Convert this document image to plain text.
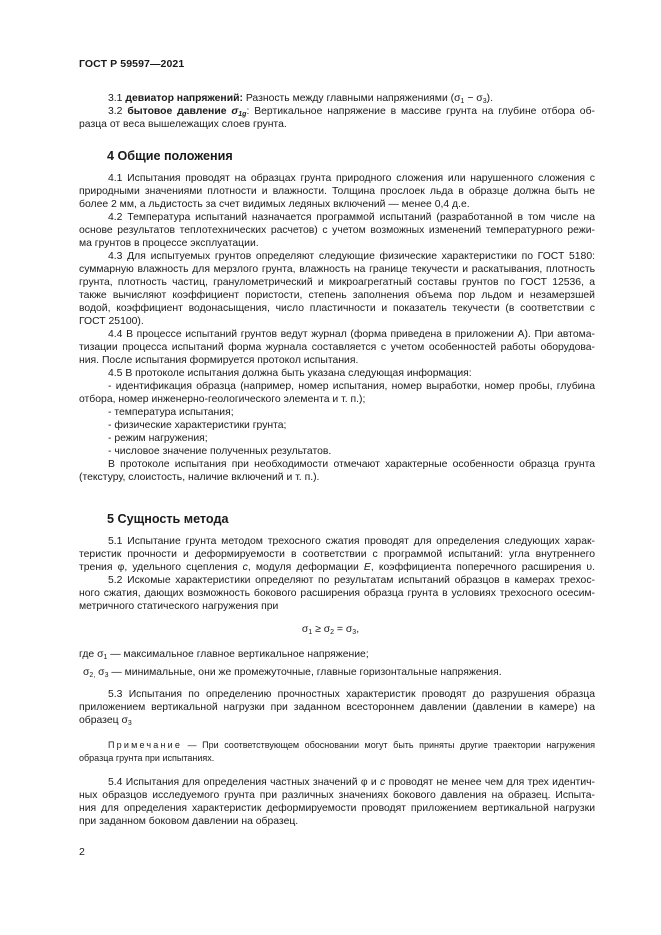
ГОСТ Р 59597—2021

3.1 девиатор напряжений: Разность между главными напряжениями $(\sigma_1 - \sigma_3)$.

3.2 бытовое давление $\sigma_{1g}$: Вертикальное напряжение в массиве грунта на глубине отбора об-

разца от веса вышележащих слоев грунта.

4 Общие положения

4.1 Испытания проводят на образцах грунта природного сложения или нарушенного сложения с

природными значениями плотности и влажности. Толщина прослоек льда в образце должна быть не

более 2 мм, а льдистость за счет видимых ледяных включений — менее 0,4 д.е.

4.2 Температура испытаний назначается программой испытаний (разработанной в том числе на

основе результатов теплотехнических расчетов) с учетом возможных изменений температурного режи-

ма грунтов в процессе эксплуатации.

4.3 Для испытуемых грунтов определяют следующие физические характеристики по ГОСТ 5180:

суммарную влажность для мерзлого грунта, влажность на границе текучести и раскатывания, плотность

грунта, плотность частиц, гранулометрический и микроагрегатный составы грунтов по ГОСТ 12536, а

также вычисляют коэффициент пористости, степень заполнения объема пор льдом и незамерзшей

водой, коэффициент водонасыщения, число пластичности и показатель текучести (в соответствии с

ГОСТ 25100).

4.4 В процессе испытаний грунтов ведут журнал (форма приведена в приложении А). При автома-

тизации процесса испытаний форма журнала составляется с учетом особенностей работы оборудова-

ния. После испытания формируется протокол испытания.

4.5 В протоколе испытания должна быть указана следующая информация:

- идентификация образца (например, номер испытания, номер выработки, номер пробы, глубина

отбора, номер инженерно-геологического элемента и т. п.);

- температура испытания;

- физические характеристики грунта;

- режим нагружения;

- числовое значение полученных результатов.

В протоколе испытания при необходимости отмечают характерные особенности образца грунта

(текстуру, слоистость, наличие включений и т. п.).

5 Сущность метода

5.1 Испытание грунта методом трехосного сжатия проводят для определения следующих харак-

теристик прочности и деформируемости в соответствии с программой испытаний: угла внутреннего

трения φ, удельного сцепления c, модуля деформации E, коэффициента поперечного расширения υ.

5.2 Искомые характеристики определяют по результатам испытаний образцов в камерах трехос-

ного сжатия, дающих возможность бокового расширения образца грунта в условиях трехосного осесим-

метричного статического нагружения при

$\sigma_1 \ge \sigma_2 = \sigma_3$,

где $\sigma_1$ — максимальное главное вертикальное напряжение;

$\sigma_{2,}$ $\sigma_3$ — минимальные, они же промежуточные, главные горизонтальные напряжения.

5.3 Испытания по определению прочностных характеристик проводят до разрушения образца

приложением вертикальной нагрузки при заданном всестороннем давлении (давлении в камере) на

образец $\sigma_3$

Примечание — При соответствующем обосновании могут быть приняты другие траектории нагружения

образца грунта при испытаниях.

5.4 Испытания для определения частных значений φ и c проводят не менее чем для трех идентич-

ных образцов исследуемого грунта при различных значениях бокового давления на образец. Испыта-

ния для определения характеристик деформируемости проводят приложением вертикальной нагрузки

при заданном боковом давлении на образец.

2
